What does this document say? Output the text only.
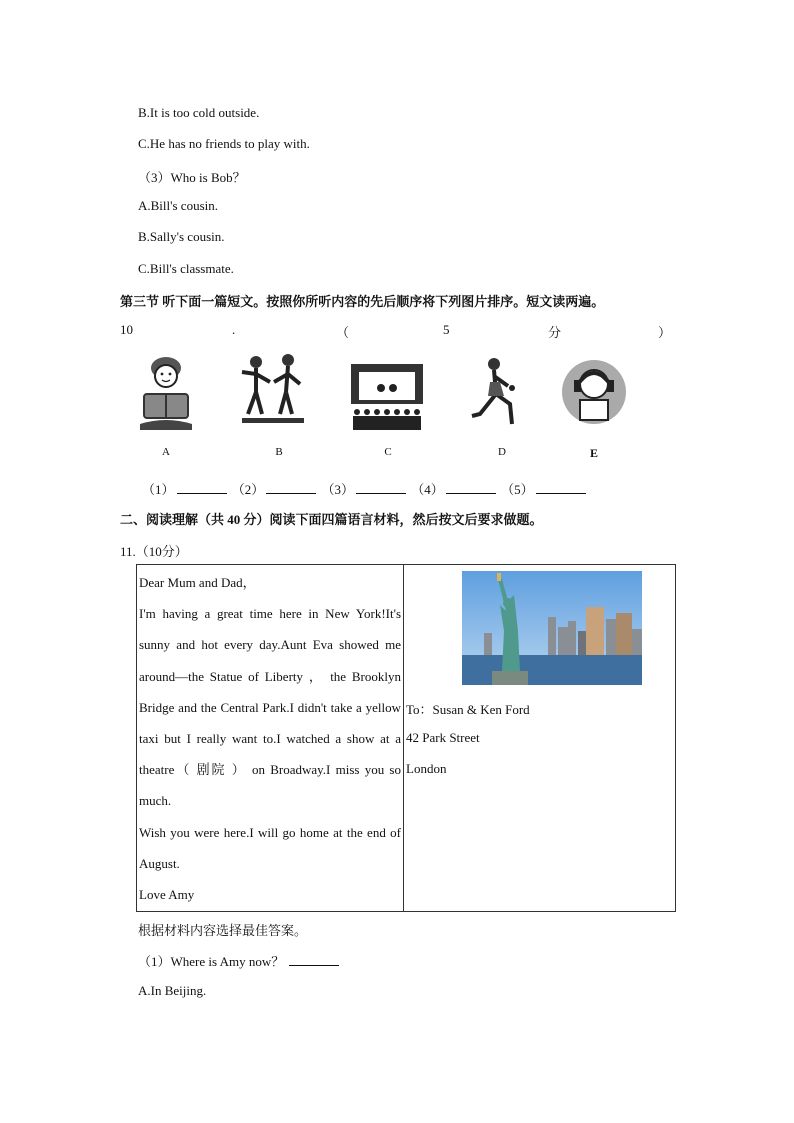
B.It is too cold outside.
C.He has no friends to play with.
（3）Who is Bob？
A.Bill's cousin.
B.Sally's cousin.
C.Bill's classmate.
第三节 听下面一篇短文。按照你所听内容的先后顺序将下列图片排序。短文读两遍。
10	.	（	5	分	）
A	B	C	D	E
（1）	（2）	（3）	（4）	（5）
二、阅读理解（共 40 分）阅读下面四篇语言材料，然后按文后要求做题。
11.（10分）

Dear Mum and Dad，

I'm having a great time here in New York!It's sunny and hot every day.Aunt Eva showed me around—the Statue of Liberty ， the Brooklyn Bridge and the Central Park.I didn't take a yellow taxi but I really want to.I watched a show at a theatre（ 剧院 ） on Broadway.I miss you so much.

Wish you were here.I will go home at the end of August.

Love Amy

To：Susan & Ken Ford
42 Park Street
London
根据材料内容选择最佳答案。
（1）Where is Amy now？
A.In Beijing.
